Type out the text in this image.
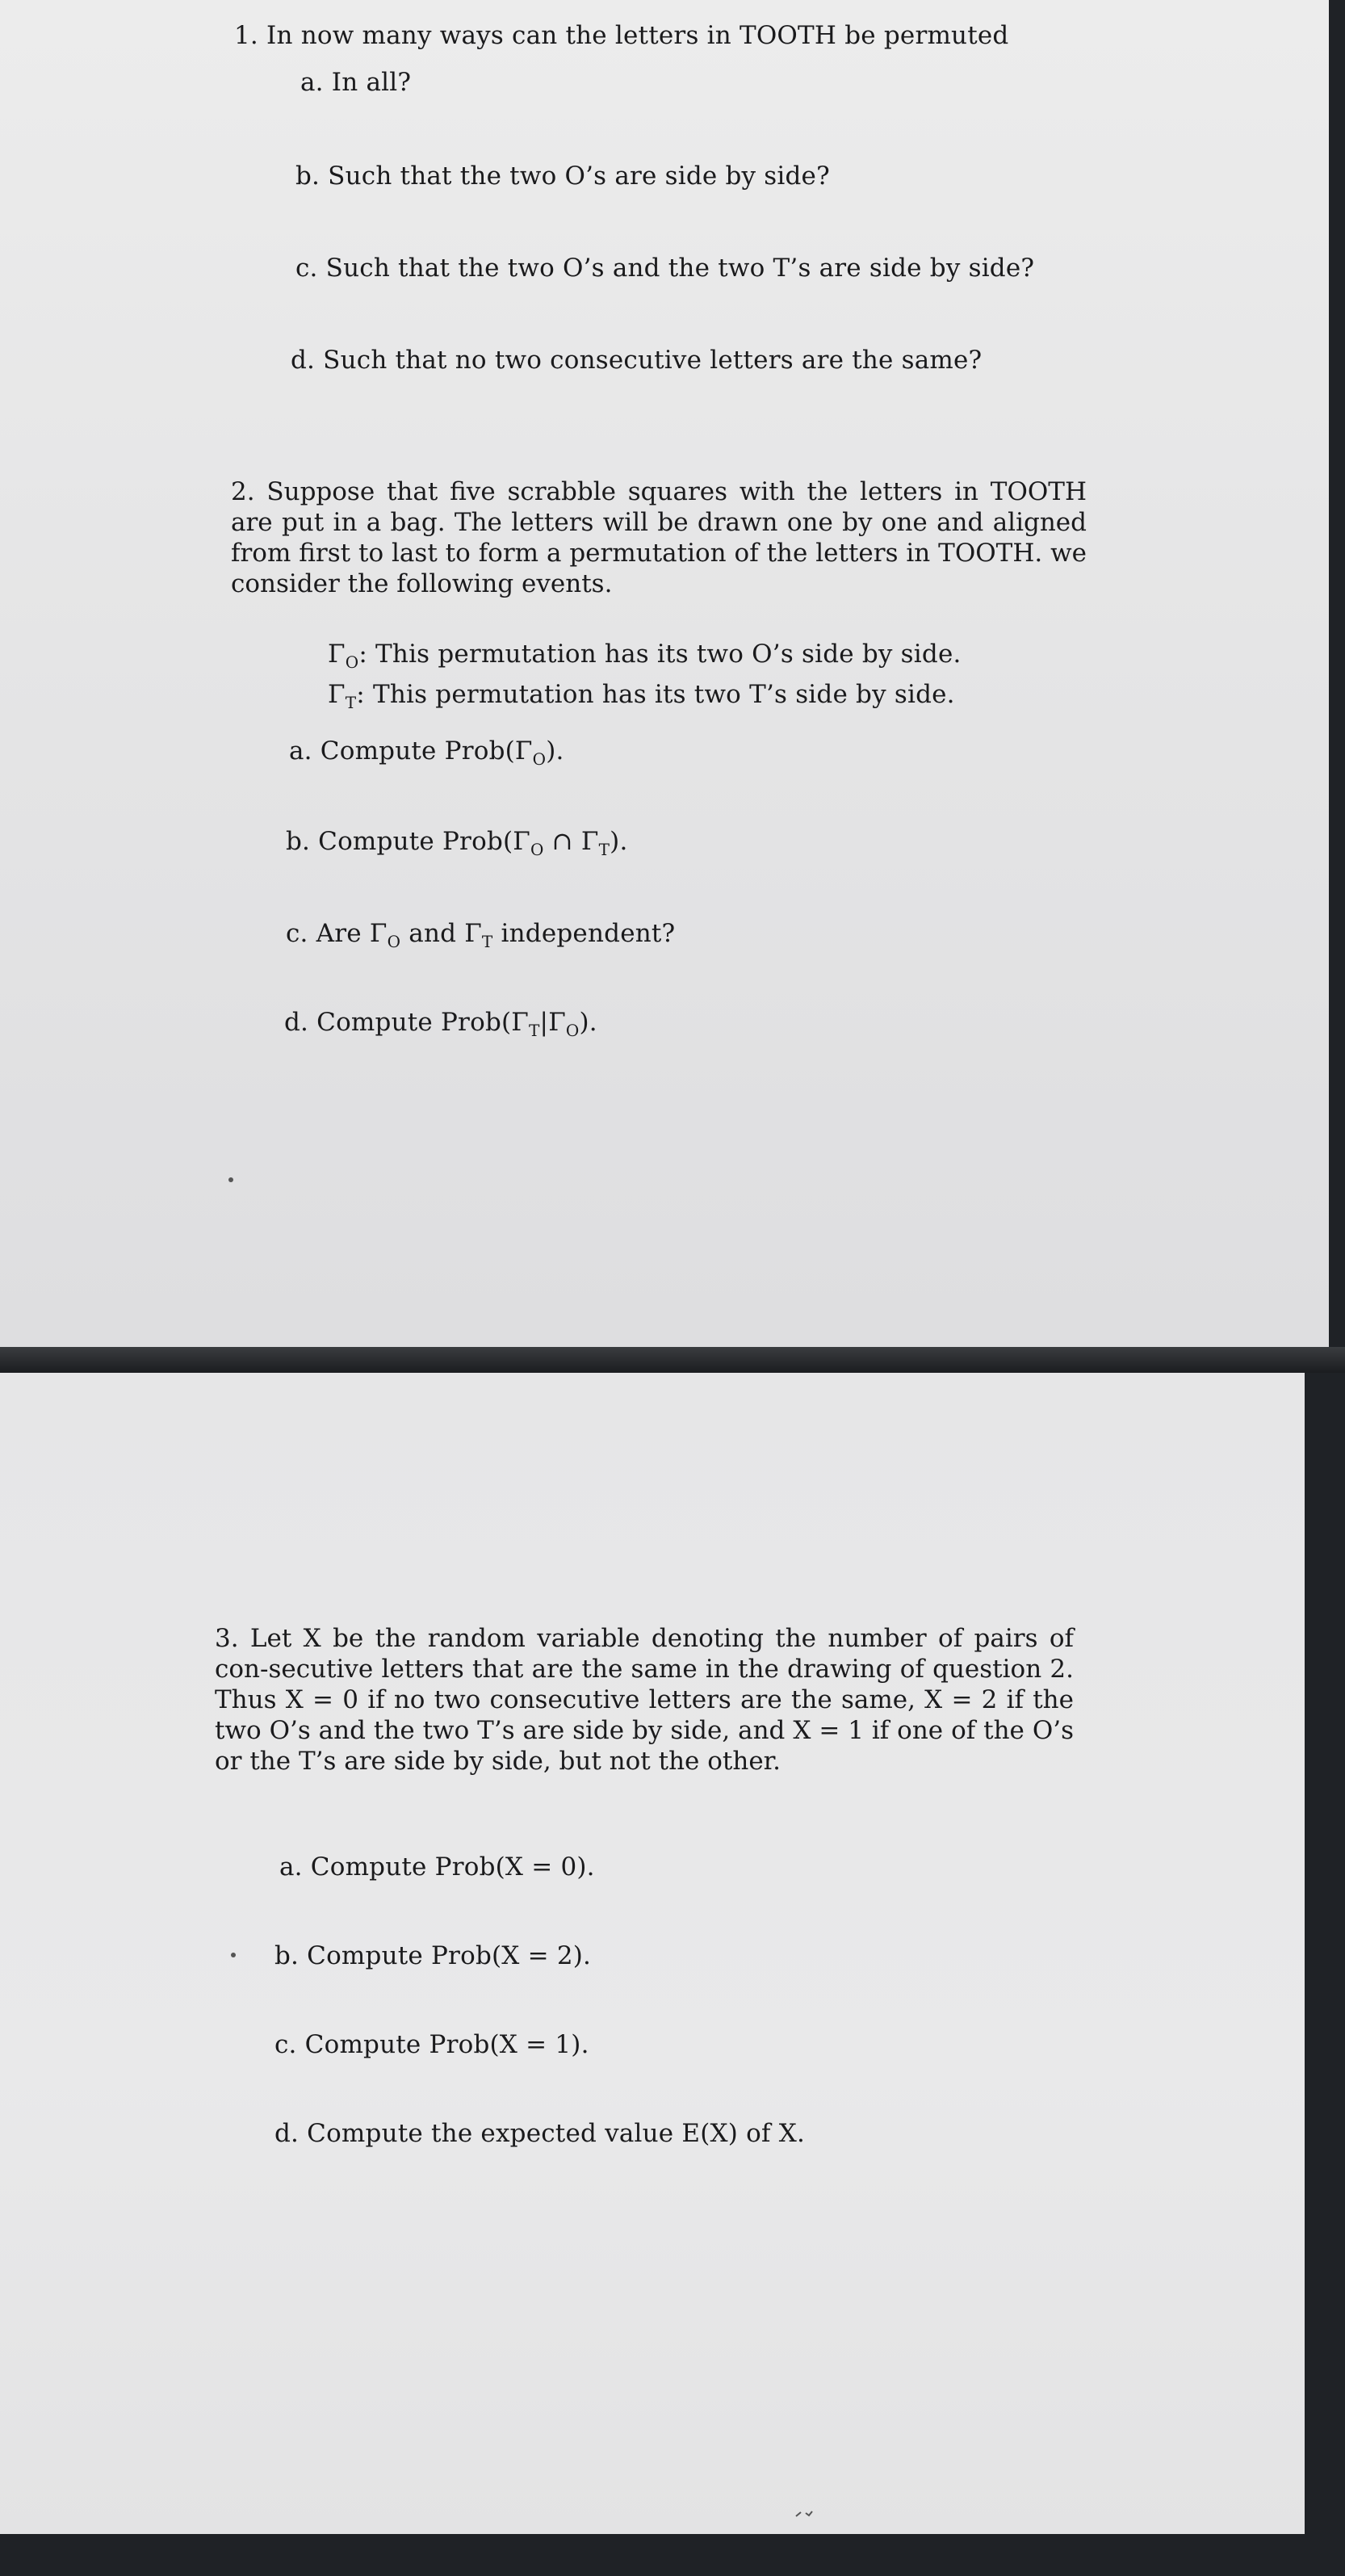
1. In now many ways can the letters in TOOTH be permuted

a. In all?

b. Such that the two O’s are side by side?

c. Such that the two O’s and the two T’s are side by side?

d. Such that no two consecutive letters are the same?

2. Suppose that five scrabble squares with the letters in TOOTH are put in a bag. The letters will be drawn one by one and aligned from first to last to form a permutation of the letters in TOOTH. we consider the following events.

$\Gamma_O$: This permutation has its two O’s side by side.

$\Gamma_T$: This permutation has its two T’s side by side.

a. Compute $Prob(\Gamma_O)$.

b. Compute $Prob(\Gamma_O$ ∩ $\Gamma_T$).

c. Are $\Gamma_O$ and $\Gamma_T$ independent?

d. Compute $Prob(\Gamma_T|\Gamma_O)$.

3. Let X be the random variable denoting the number of pairs of con-secutive letters that are the same in the drawing of question 2. Thus X = 0 if no two consecutive letters are the same, X = 2 if the two O’s and the two T’s are side by side, and X = 1 if one of the O’s or the T’s are side by side, but not the other.

a. Compute Prob(X = 0).

b. Compute Prob(X = 2).

c. Compute Prob(X = 1).

d. Compute the expected value E(X) of X.
